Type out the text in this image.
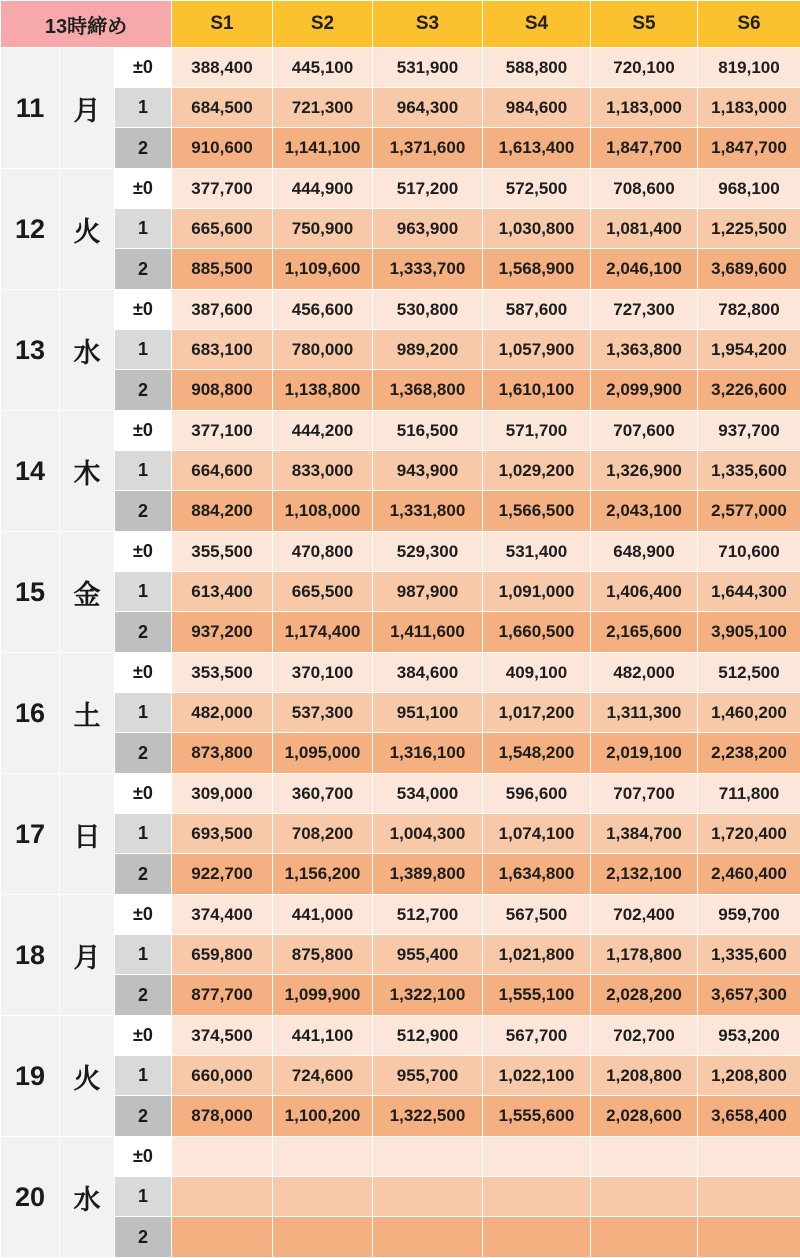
13時締め			S1	S2	S3	S4	S5	S6
11	月	±0	388,400	445,100	531,900	588,800	720,100	819,100
		1	684,500	721,300	964,300	984,600	1,183,000	1,183,000
		2	910,600	1,141,100	1,371,600	1,613,400	1,847,700	1,847,700
12	火	±0	377,700	444,900	517,200	572,500	708,600	968,100
		1	665,600	750,900	963,900	1,030,800	1,081,400	1,225,500
		2	885,500	1,109,600	1,333,700	1,568,900	2,046,100	3,689,600
13	水	±0	387,600	456,600	530,800	587,600	727,300	782,800
		1	683,100	780,000	989,200	1,057,900	1,363,800	1,954,200
		2	908,800	1,138,800	1,368,800	1,610,100	2,099,900	3,226,600
14	木	±0	377,100	444,200	516,500	571,700	707,600	937,700
		1	664,600	833,000	943,900	1,029,200	1,326,900	1,335,600
		2	884,200	1,108,000	1,331,800	1,566,500	2,043,100	2,577,000
15	金	±0	355,500	470,800	529,300	531,400	648,900	710,600
		1	613,400	665,500	987,900	1,091,000	1,406,400	1,644,300
		2	937,200	1,174,400	1,411,600	1,660,500	2,165,600	3,905,100
16	土	±0	353,500	370,100	384,600	409,100	482,000	512,500
		1	482,000	537,300	951,100	1,017,200	1,311,300	1,460,200
		2	873,800	1,095,000	1,316,100	1,548,200	2,019,100	2,238,200
17	日	±0	309,000	360,700	534,000	596,600	707,700	711,800
		1	693,500	708,200	1,004,300	1,074,100	1,384,700	1,720,400
		2	922,700	1,156,200	1,389,800	1,634,800	2,132,100	2,460,400
18	月	±0	374,400	441,000	512,700	567,500	702,400	959,700
		1	659,800	875,800	955,400	1,021,800	1,178,800	1,335,600
		2	877,700	1,099,900	1,322,100	1,555,100	2,028,200	3,657,300
19	火	±0	374,500	441,100	512,900	567,700	702,700	953,200
		1	660,000	724,600	955,700	1,022,100	1,208,800	1,208,800
		2	878,000	1,100,200	1,322,500	1,555,600	2,028,600	3,658,400
20	水	±0						
		1						
		2						
